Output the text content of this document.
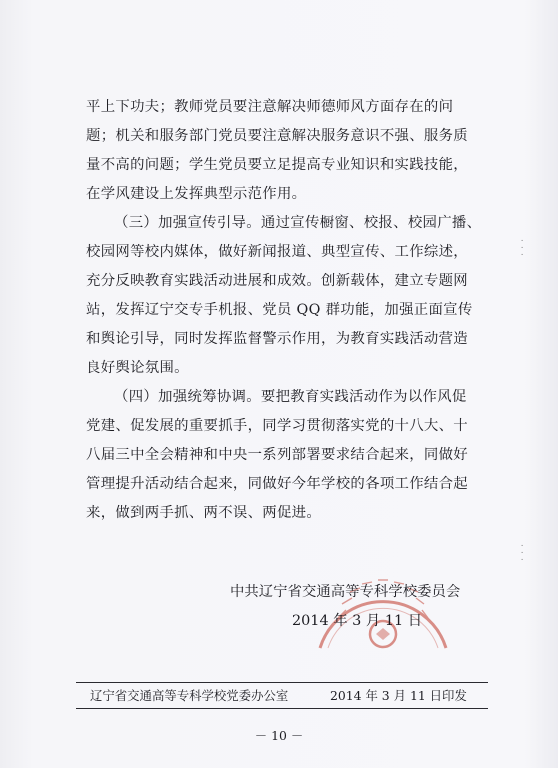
·
·
·
·
·
·
平上下功夫；教师党员要注意解决师德师风方面存在的问
题；机关和服务部门党员要注意解决服务意识不强、服务质
量不高的问题；学生党员要立足提高专业知识和实践技能，
在学风建设上发挥典型示范作用。
（三）加强宣传引导。通过宣传橱窗、校报、校园广播、
校园网等校内媒体，做好新闻报道、典型宣传、工作综述，
充分反映教育实践活动进展和成效。创新载体，建立专题网
站，发挥辽宁交专手机报、党员 QQ 群功能，加强正面宣传
和舆论引导，同时发挥监督警示作用，为教育实践活动营造
良好舆论氛围。
（四）加强统筹协调。要把教育实践活动作为以作风促
党建、促发展的重要抓手，同学习贯彻落实党的十八大、十
八届三中全会精神和中央一系列部署要求结合起来，同做好
管理提升活动结合起来，同做好今年学校的各项工作结合起
来，做到两手抓、两不误、两促进。
中共辽宁省交通高等专科学校委员会
2014 年 3 月 11 日
辽宁省交通高等专科学校党委办公室	2014 年 3 月 11 日印发
－ 10 －
